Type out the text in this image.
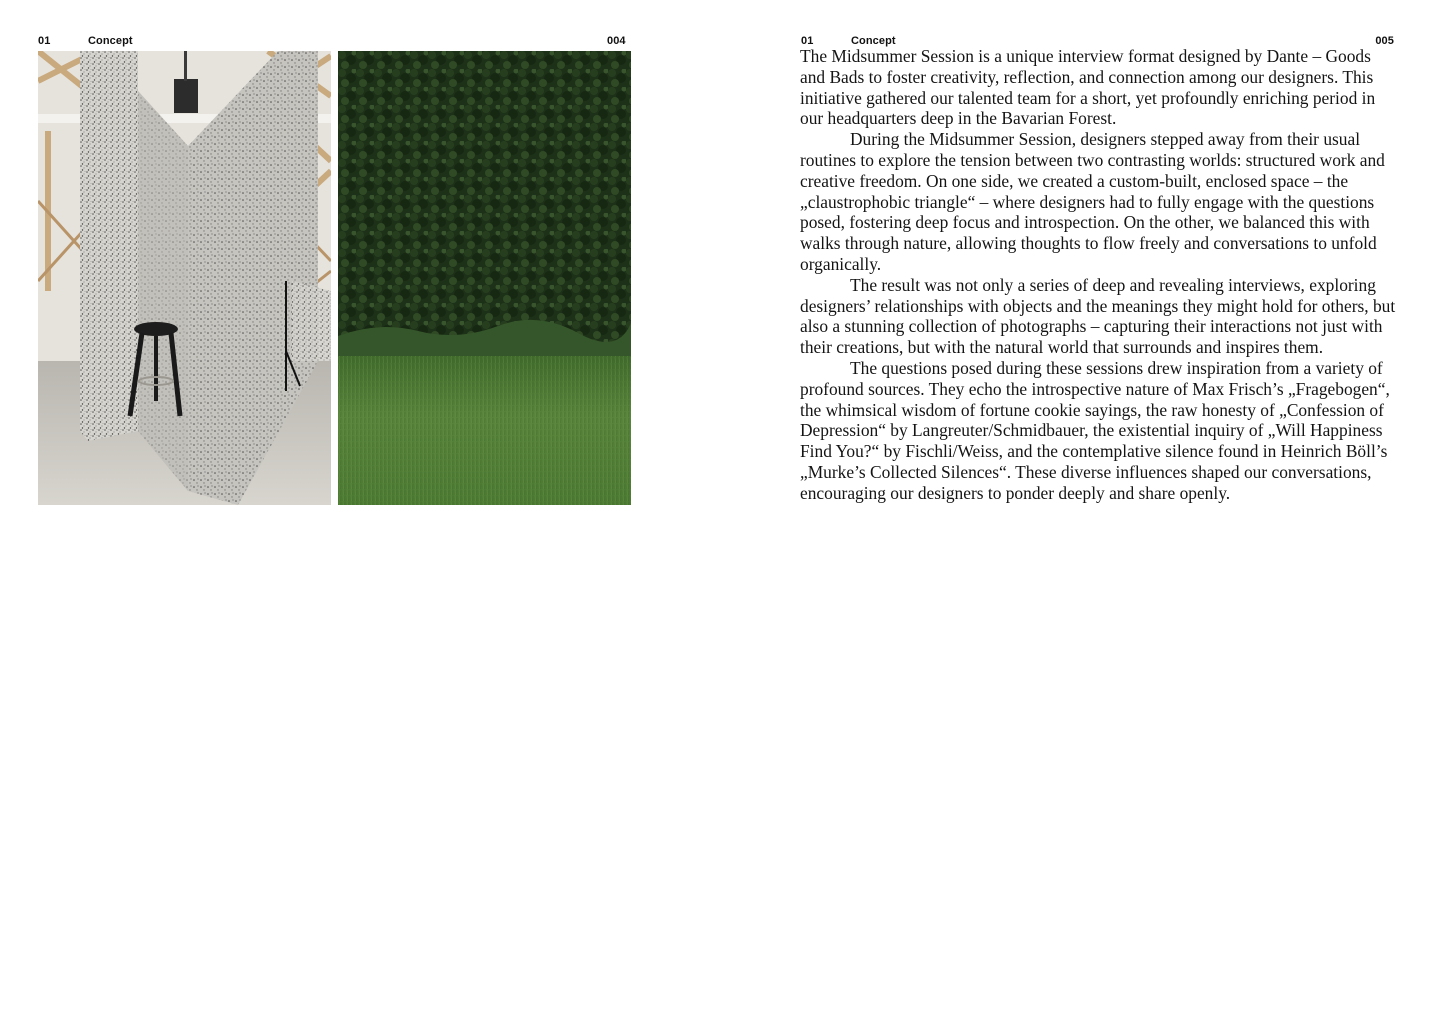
01	Concept	004	01	Concept	005

The Midsummer Session is a unique interview format designed by Dante – Goods and Bads to foster creativity, reflection, and connection among our designers. This initiative gathered our talented team for a short, yet profoundly enriching period in our headquarters deep in the Bavarian Forest.

During the Midsummer Session, designers stepped away from their usual routines to explore the tension between two contrasting worlds: structured work and creative freedom. On one side, we created a custom-built, enclosed space – the „claustrophobic triangle“ – where designers had to fully engage with the questions posed, fostering deep focus and introspection. On the other, we balanced this with walks through nature, allowing thoughts to flow freely and conversations to unfold organically.

The result was not only a series of deep and revealing interviews, exploring designers’ relationships with objects and the meanings they might hold for others, but also a stunning collection of photographs – capturing their interactions not just with their creations, but with the natural world that surrounds and inspires them.

The questions posed during these sessions drew inspiration from a variety of profound sources. They echo the introspective nature of Max Frisch’s „Fragebogen“, the whimsical wisdom of fortune cookie sayings, the raw honesty of „Confession of Depression“ by Langreuter/Schmidbauer, the existential inquiry of „Will Happiness Find You?“ by Fischli/Weiss, and the contemplative silence found in Heinrich Böll’s „Murke’s Collected Silences“. These diverse influences shaped our conversations, encouraging our designers to ponder deeply and share openly.
